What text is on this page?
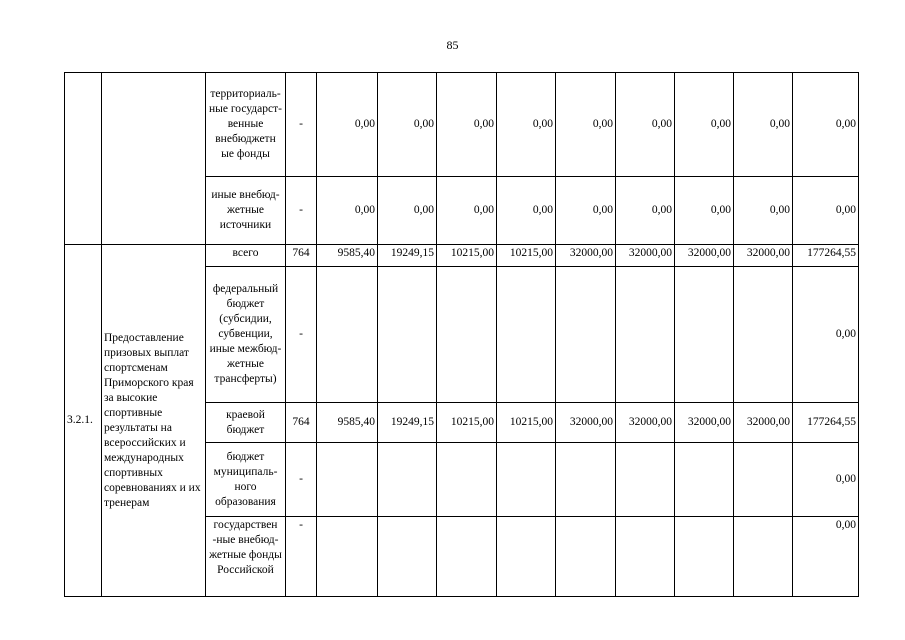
85
		территориаль-ные государст-венные внебюджетн ые фонды	-	0,00	0,00	0,00	0,00	0,00	0,00	0,00	0,00	0,00
		иные внебюд-жетные источники	-	0,00	0,00	0,00	0,00	0,00	0,00	0,00	0,00	0,00
3.2.1.	Предоставление призовых выплат спортсменам Приморского края за высокие спортивные результаты на всероссийских и международных спортивных соревнованиях и их тренерам	всего	764	9585,40	19249,15	10215,00	10215,00	32000,00	32000,00	32000,00	32000,00	177264,55
		федеральный бюджет (субсидии, субвенции, иные межбюд-жетные трансферты)	-									0,00
		краевой бюджет	764	9585,40	19249,15	10215,00	10215,00	32000,00	32000,00	32000,00	32000,00	177264,55
		бюджет муниципаль-ного образования	-									0,00
		государствен -ные внебюд-жетные фонды Российской	-									0,00
